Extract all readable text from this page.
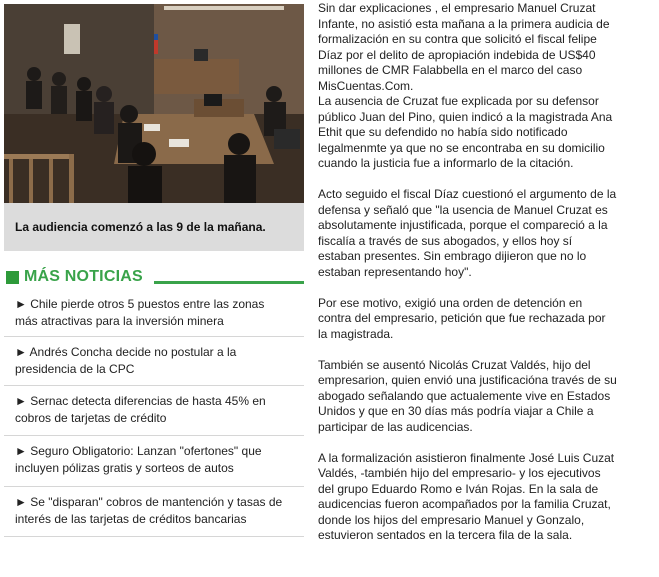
La audiencia comenzó a las 9 de la mañana.
MÁS NOTICIAS
► Chile pierde otros 5 puestos entre las zonas más atractivas para la inversión minera
► Andrés Concha decide no postular a la presidencia de la CPC
► Sernac detecta diferencias de hasta 45% en cobros de tarjetas de crédito
► Seguro Obligatorio: Lanzan "ofertones" que incluyen pólizas gratis y sorteos de autos
► Se "disparan" cobros de mantención y tasas de interés de las tarjetas de créditos bancarias

Sin dar explicaciones , el empresario Manuel Cruzat Infante, no asistió esta mañana a la primera audicia de formalización en su contra que solicitó el fiscal felipe Díaz por el delito de apropiación indebida de US$40 millones de CMR Falabbella en el marco del caso MisCuentas.Com.

La ausencia de Cruzat fue explicada por su defensor público Juan del Pino, quien indicó a la magistrada Ana Ethit que su defendido no había sido notificado legalmenmte ya que no se encontraba en su domicilio cuando la justicia fue a informarlo de la citación.

Acto seguido el fiscal Díaz cuestionó el argumento de la defensa y señaló que "la usencia de Manuel Cruzat es absolutamente injustificada, porque el compareció a la fiscalía a través de sus abogados, y ellos hoy sí estaban presentes. Sin embrago dijieron que no lo estaban representando hoy".

Por ese motivo, exigió una orden de detención en contra del empresario, petición que fue rechazada por la magistrada.

También se ausentó Nicolás Cruzat Valdés, hijo del empresarion, quien envió una justificacióna través de su abogado señalando que actualemente vive en Estados Unidos y que en 30 días más podría viajar a Chile a participar de las audicencias.

A la formalización asistieron finalmente José Luis Cuzat Valdés, -también hijo del empresario- y los ejecutivos del grupo Eduardo Romo e Iván Rojas. En la sala de audicencias fueron acompañados por la familia Cruzat, donde los hijos del empresario Manuel y Gonzalo, estuvieron sentados en la tercera fila de la sala.
